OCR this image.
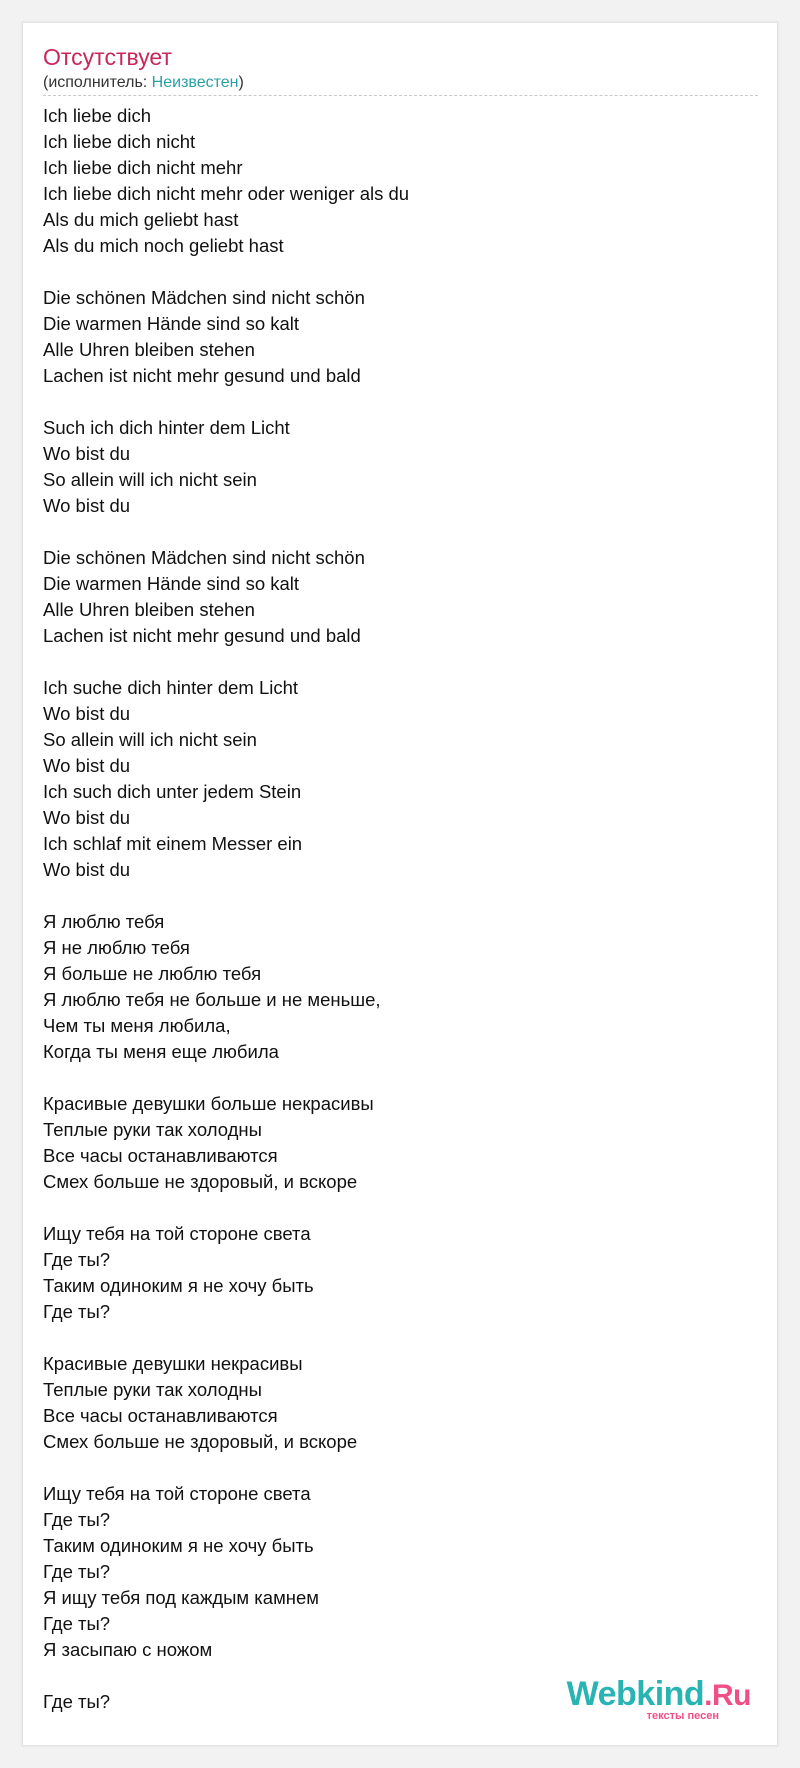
Отсутствует
(исполнитель: Неизвестен)
Ich liebe dich
Ich liebe dich nicht
Ich liebe dich nicht mehr
Ich liebe dich nicht mehr oder weniger als du
Als du mich geliebt hast
Als du mich noch geliebt hast
Die schönen Mädchen sind nicht schön
Die warmen Hände sind so kalt
Alle Uhren bleiben stehen
Lachen ist nicht mehr gesund und bald
Such ich dich hinter dem Licht
Wo bist du
So allein will ich nicht sein
Wo bist du
Die schönen Mädchen sind nicht schön
Die warmen Hände sind so kalt
Alle Uhren bleiben stehen
Lachen ist nicht mehr gesund und bald
Ich suche dich hinter dem Licht
Wo bist du
So allein will ich nicht sein
Wo bist du
Ich such dich unter jedem Stein
Wo bist du
Ich schlaf mit einem Messer ein
Wo bist du
Я люблю тебя
Я не люблю тебя
Я больше не люблю тебя
Я люблю тебя не больше и не меньше,
Чем ты меня любила,
Когда ты меня еще любила
Красивые девушки больше некрасивы
Теплые руки так холодны
Все часы останавливаются
Смех больше не здоровый, и вскоре
Ищу тебя на той стороне света
Где ты?
Таким одиноким я не хочу быть
Где ты?
Красивые девушки некрасивы
Теплые руки так холодны
Все часы останавливаются
Смех больше не здоровый, и вскоре
Ищу тебя на той стороне света
Где ты?
Таким одиноким я не хочу быть
Где ты?
Я ищу тебя под каждым камнем
Где ты?
Я засыпаю с ножом
Где ты?	Webkind.Ru
тексты песен
